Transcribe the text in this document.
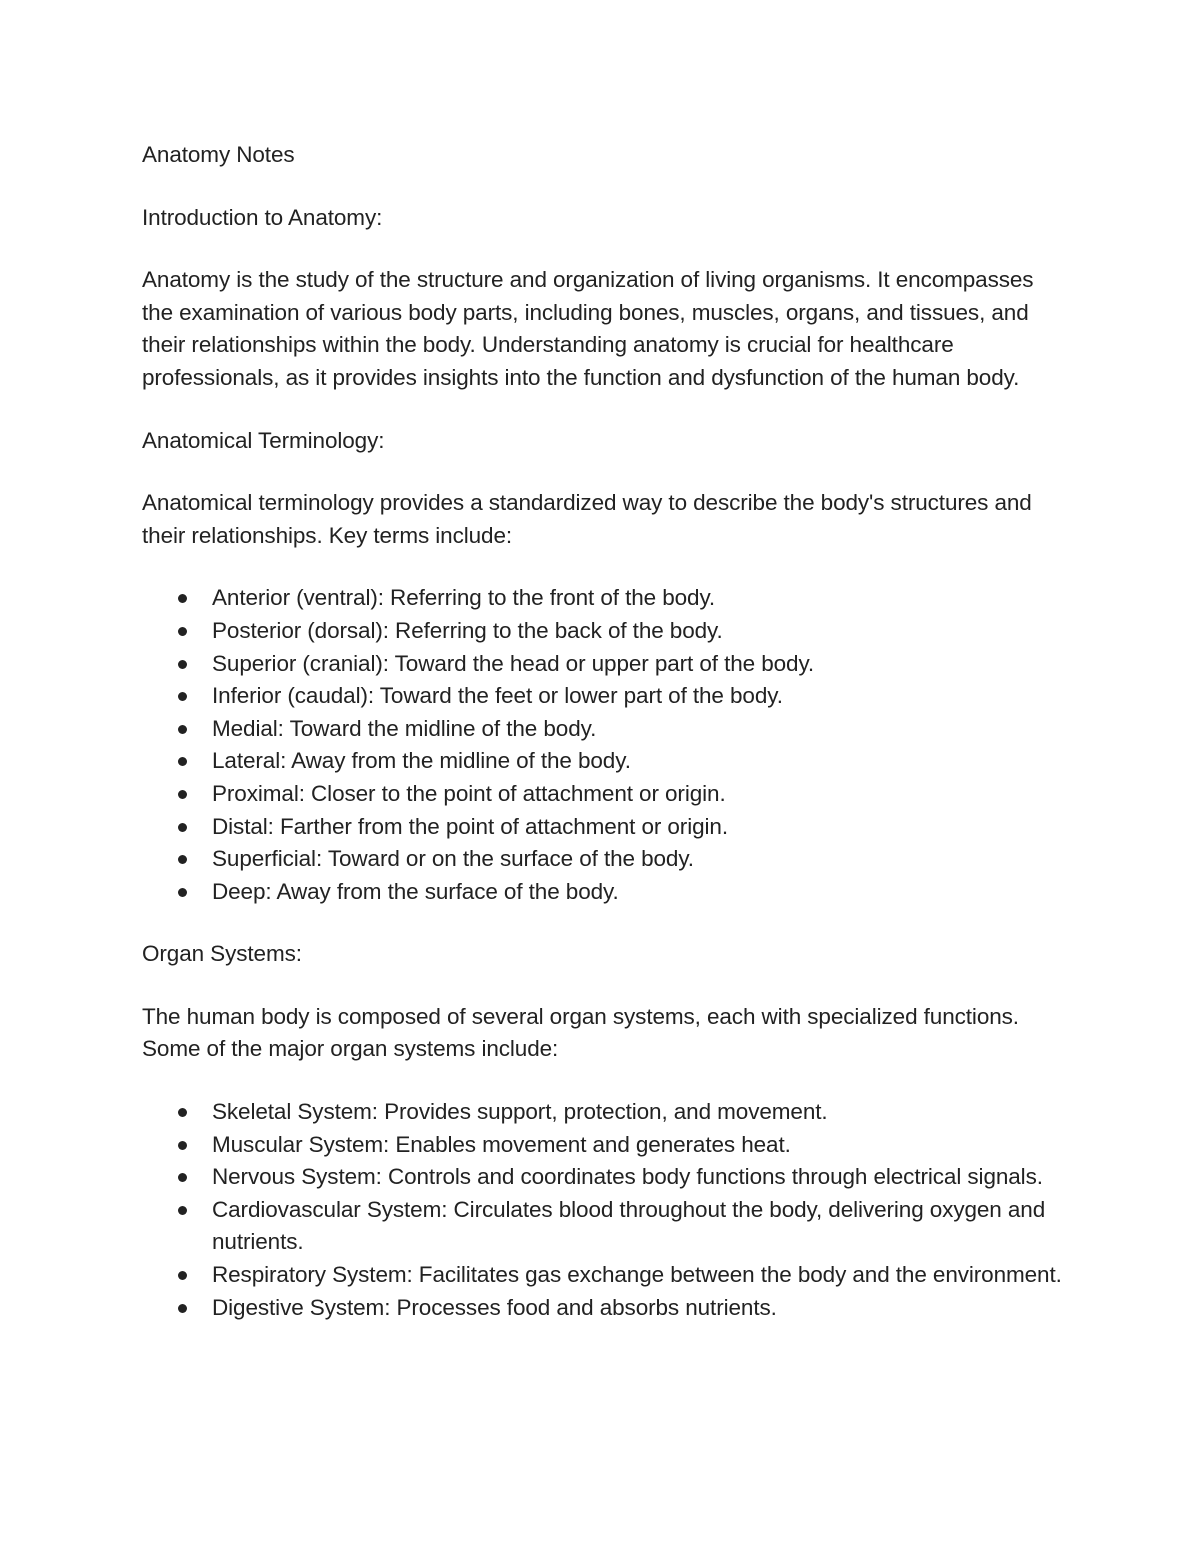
Anatomy Notes

Introduction to Anatomy:

Anatomy is the study of the structure and organization of living organisms. It encompasses the examination of various body parts, including bones, muscles, organs, and tissues, and their relationships within the body. Understanding anatomy is crucial for healthcare professionals, as it provides insights into the function and dysfunction of the human body.

Anatomical Terminology:

Anatomical terminology provides a standardized way to describe the body's structures and their relationships. Key terms include:

Anterior (ventral): Referring to the front of the body.
Posterior (dorsal): Referring to the back of the body.
Superior (cranial): Toward the head or upper part of the body.
Inferior (caudal): Toward the feet or lower part of the body.
Medial: Toward the midline of the body.
Lateral: Away from the midline of the body.
Proximal: Closer to the point of attachment or origin.
Distal: Farther from the point of attachment or origin.
Superficial: Toward or on the surface of the body.
Deep: Away from the surface of the body.

Organ Systems:

The human body is composed of several organ systems, each with specialized functions. Some of the major organ systems include:

Skeletal System: Provides support, protection, and movement.
Muscular System: Enables movement and generates heat.
Nervous System: Controls and coordinates body functions through electrical signals.
Cardiovascular System: Circulates blood throughout the body, delivering oxygen and nutrients.
Respiratory System: Facilitates gas exchange between the body and the environment.
Digestive System: Processes food and absorbs nutrients.
